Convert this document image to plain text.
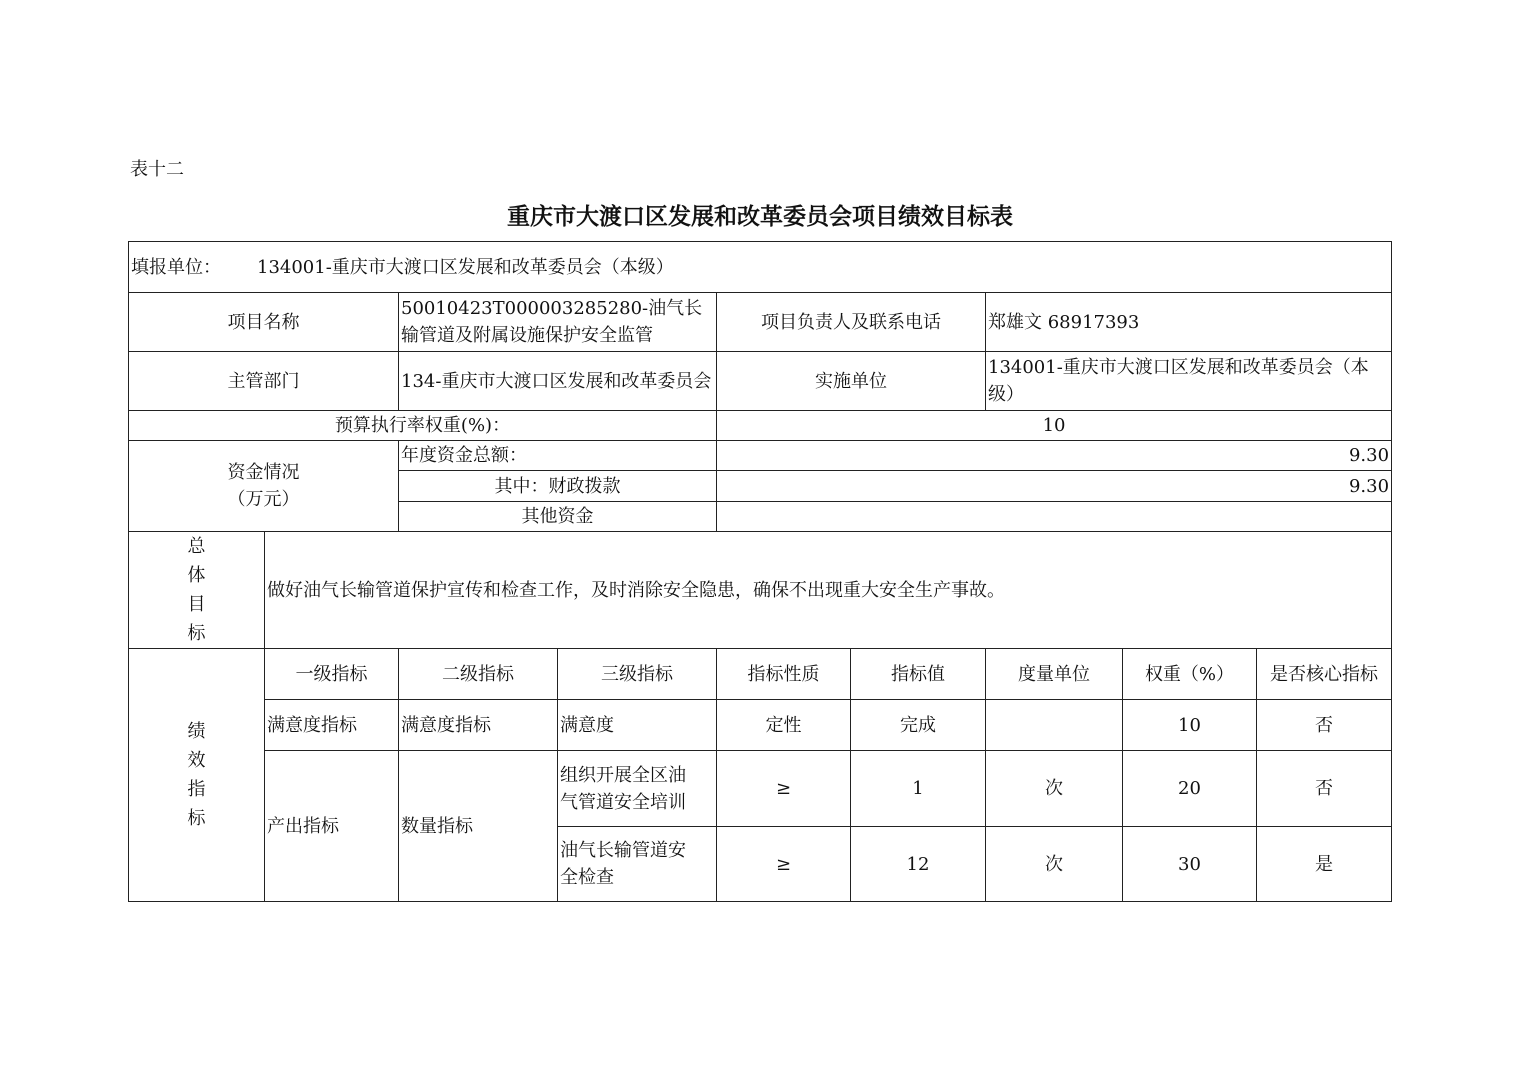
表十二
重庆市大渡口区发展和改革委员会项目绩效目标表
填报单位： 134001-重庆市大渡口区发展和改革委员会（本级）								
项目名称		50010423T000003285280-油气长输管道及附属设施保护安全监管		项目负责人及联系电话		郑雄文 68917393		
主管部门		134-重庆市大渡口区发展和改革委员会		实施单位		134001-重庆市大渡口区发展和改革委员会（本级）		
预算执行率权重(%)：				10				

资金情况
（万元）		年度资金总额：		9.30				
		其中：财政拨款		9.30				
		其他资金						

总
体
目
标	做好油气长输管道保护宣传和检查工作，及时消除安全隐患，确保不出现重大安全生产事故。							

绩
效
指
标	一级指标	二级指标	三级指标	指标性质	指标值	度量单位	权重（%）	是否核心指标
	满意度指标	满意度指标	满意度	定性	完成		10	否
	产出指标	数量指标	组织开展全区油气管道安全培训	≥	1	次	20	否
			油气长输管道安全检查	≥	12	次	30	是
